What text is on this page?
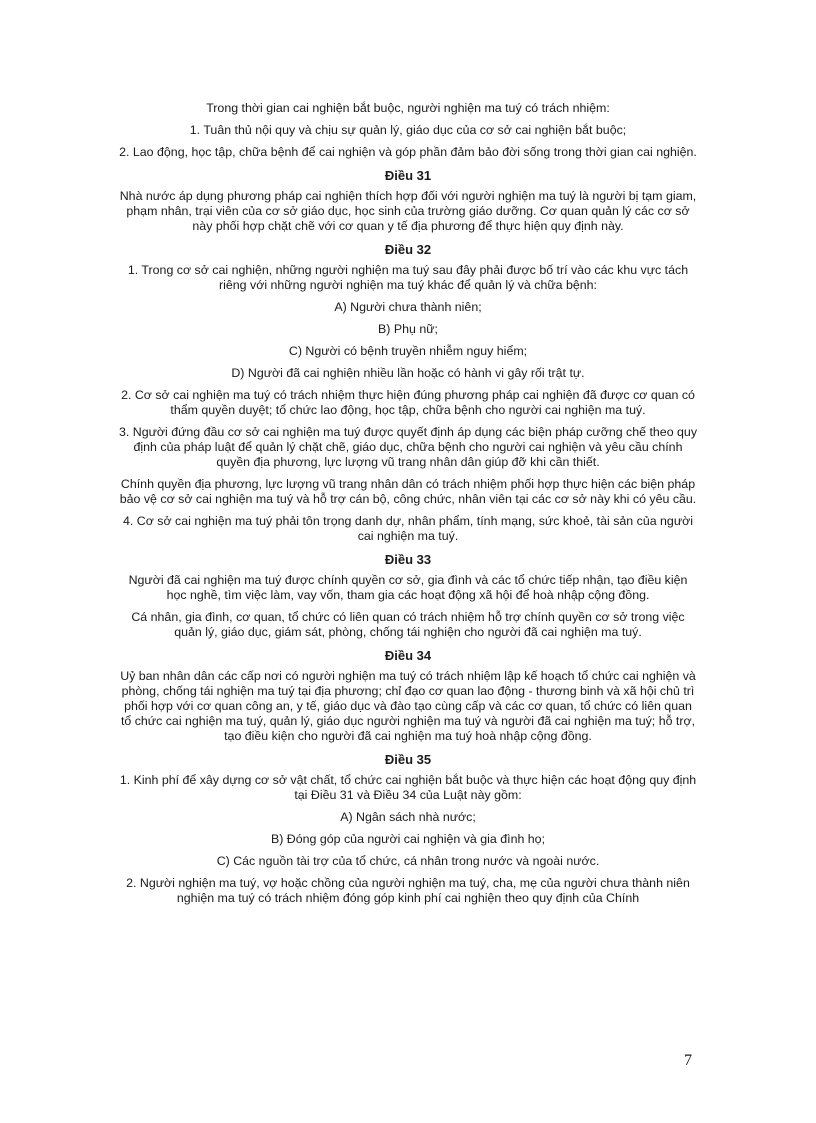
Trong thời gian cai nghiện bắt buộc, người nghiện ma tuý có trách nhiệm:

1. Tuân thủ nội quy và chịu sự quản lý, giáo dục của cơ sở cai nghiện bắt buộc;

2. Lao động, học tập, chữa bệnh để cai nghiện và góp phần đảm bảo đời sống trong thời gian cai nghiện.

Điều 31

Nhà nước áp dụng phương pháp cai nghiện thích hợp đối với người nghiện ma tuý là người bị tạm giam, phạm nhân, trại viên của cơ sở giáo dục, học sinh của trường giáo dưỡng. Cơ quan quản lý các cơ sở này phối hợp chặt chẽ với cơ quan y tế địa phương để thực hiện quy định này.

Điều 32

1. Trong cơ sở cai nghiện, những người nghiện ma tuý sau đây phải được bố trí vào các khu vực tách riêng với những người nghiện ma tuý khác để quản lý và chữa bệnh:

A) Người chưa thành niên;

B) Phụ nữ;

C) Người có bệnh truyền nhiễm nguy hiểm;

D) Người đã cai nghiện nhiều lần hoặc có hành vi gây rối trật tự.

2. Cơ sở cai nghiện ma tuý có trách nhiệm thực hiện đúng phương pháp cai nghiện đã được cơ quan có thẩm quyền duyệt; tổ chức lao động, học tập, chữa bệnh cho người cai nghiện ma tuý.

3. Người đứng đầu cơ sở cai nghiện ma tuý được quyết định áp dụng các biện pháp cưỡng chế theo quy định của pháp luật để quản lý chặt chẽ, giáo dục, chữa bệnh cho người cai nghiện và yêu cầu chính quyền địa phương, lực lượng vũ trang nhân dân giúp đỡ khi cần thiết.

Chính quyền địa phương, lực lượng vũ trang nhân dân có trách nhiệm phối hợp thực hiện các biện pháp bảo vệ cơ sở cai nghiện ma tuý và hỗ trợ cán bộ, công chức, nhân viên tại các cơ sở này khi có yêu cầu.

4. Cơ sở cai nghiện ma tuý phải tôn trọng danh dự, nhân phẩm, tính mạng, sức khoẻ, tài sản của người cai nghiện ma tuý.

Điều 33

Người đã cai nghiện ma tuý được chính quyền cơ sở, gia đình và các tổ chức tiếp nhận, tạo điều kiện học nghề, tìm việc làm, vay vốn, tham gia các hoạt động xã hội để hoà nhập cộng đồng.

Cá nhân, gia đình, cơ quan, tổ chức có liên quan có trách nhiệm hỗ trợ chính quyền cơ sở trong việc quản lý, giáo dục, giám sát, phòng, chống tái nghiện cho người đã cai nghiện ma tuý.

Điều 34

Uỷ ban nhân dân các cấp nơi có người nghiện ma tuý có trách nhiệm lập kế hoạch tổ chức cai nghiện và phòng, chống tái nghiện ma tuý tại địa phương; chỉ đạo cơ quan lao động - thương binh và xã hội chủ trì phối hợp với cơ quan công an, y tế, giáo dục và đào tạo cùng cấp và các cơ quan, tổ chức có liên quan tổ chức cai nghiện ma tuý, quản lý, giáo dục người nghiện ma tuý và người đã cai nghiện ma tuý; hỗ trợ, tạo điều kiện cho người đã cai nghiện ma tuý hoà nhập cộng đồng.

Điều 35

1. Kinh phí để xây dựng cơ sở vật chất, tổ chức cai nghiện bắt buộc và thực hiện các hoạt động quy định tại Điều 31 và Điều 34 của Luật này gồm:

A) Ngân sách nhà nước;

B) Đóng góp của người cai nghiện và gia đình họ;

C) Các nguồn tài trợ của tổ chức, cá nhân trong nước và ngoài nước.

2. Người nghiện ma tuý, vợ hoặc chồng của người nghiện ma tuý, cha, mẹ của người chưa thành niên nghiện ma tuý có trách nhiệm đóng góp kinh phí cai nghiện theo quy định của Chính

7
